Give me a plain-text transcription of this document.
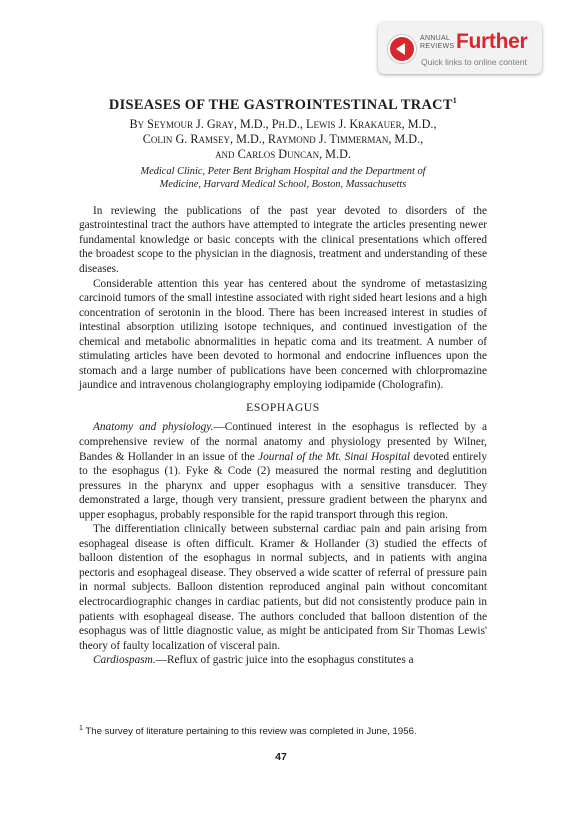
ANNUAL
REVIEWS Further
Quick links to online content
DISEASES OF THE GASTROINTESTINAL TRACT$^1$
By Seymour J. Gray, M.D., Ph.D., Lewis J. Krakauer, M.D.,
Colin G. Ramsey, M.D., Raymond J. Timmerman, M.D.,
and Carlos Duncan, M.D.
Medical Clinic, Peter Bent Brigham Hospital and the Department of
Medicine, Harvard Medical School, Boston, Massachusetts

In reviewing the publications of the past year devoted to disorders of the gastrointestinal tract the authors have attempted to integrate the articles presenting newer fundamental knowledge or basic concepts with the clinical presentations which offered the broadest scope to the physician in the diagnosis, treatment and understanding of these diseases.

Considerable attention this year has centered about the syndrome of metastasizing carcinoid tumors of the small intestine associated with right sided heart lesions and a high concentration of serotonin in the blood. There has been increased interest in studies of intestinal absorption utilizing isotope techniques, and continued investigation of the chemical and metabolic abnormalities in hepatic coma and its treatment. A number of stimulating articles have been devoted to hormonal and endocrine influences upon the stomach and a large number of publications have been concerned with chlorpromazine jaundice and intravenous cholangiography employing iodipamide (Cholografin).

ESOPHAGUS

Anatomy and physiology.—Continued interest in the esophagus is reflected by a comprehensive review of the normal anatomy and physiology presented by Wilner, Bandes & Hollander in an issue of the Journal of the Mt. Sinai Hospital devoted entirely to the esophagus (1). Fyke & Code (2) measured the normal resting and deglutition pressures in the pharynx and upper esophagus with a sensitive transducer. They demonstrated a large, though very transient, pressure gradient between the pharynx and upper esophagus, probably responsible for the rapid transport through this region.

The differentiation clinically between substernal cardiac pain and pain arising from esophageal disease is often difficult. Kramer & Hollander (3) studied the effects of balloon distention of the esophagus in normal subjects, and in patients with angina pectoris and esophageal disease. They observed a wide scatter of referral of pressure pain in normal subjects. Balloon distention reproduced anginal pain without concomitant electrocardiographic changes in cardiac patients, but did not consistently produce pain in patients with esophageal disease. The authors concluded that balloon distention of the esophagus was of little diagnostic value, as might be anticipated from Sir Thomas Lewis' theory of faulty localization of visceral pain.

Cardiospasm.—Reflux of gastric juice into the esophagus constitutes a

$^1$ The survey of literature pertaining to this review was completed in June, 1956.
47
